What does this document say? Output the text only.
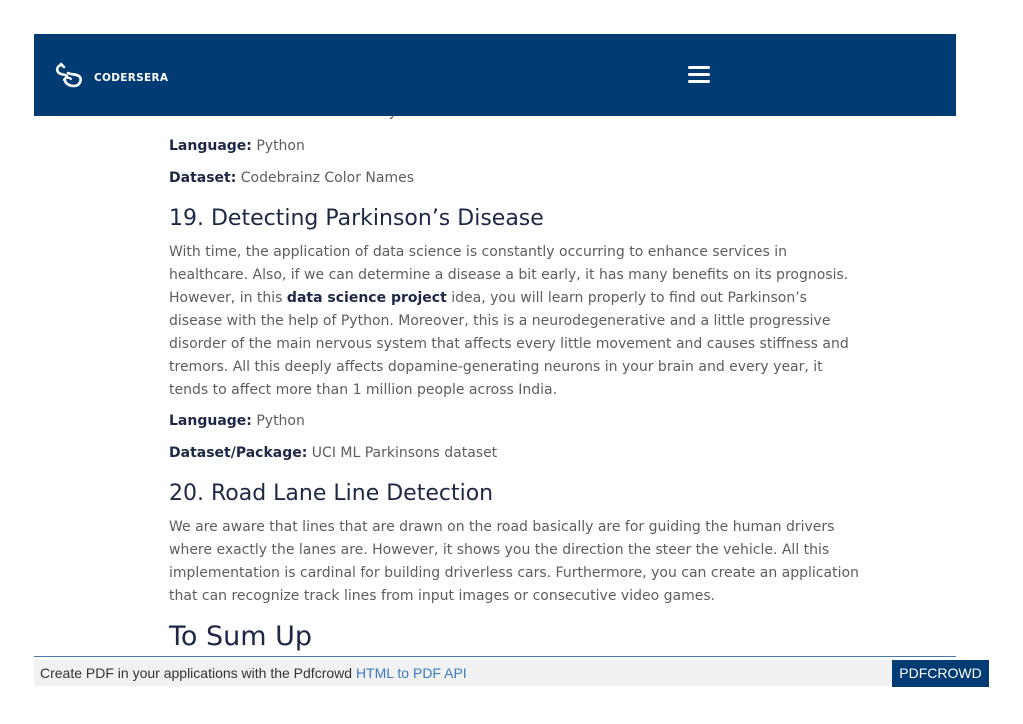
Language: Python
Dataset: Codebrainz Color Names
19. Detecting Parkinson’s Disease

With time, the application of data science is constantly occurring to enhance services in healthcare. Also, if we can determine a disease a bit early, it has many benefits on its prognosis. However, in this data science project idea, you will learn properly to find out Parkinson’s disease with the help of Python. Moreover, this is a neurodegenerative and a little progressive disorder of the main nervous system that affects every little movement and causes stiffness and tremors. All this deeply affects dopamine-generating neurons in your brain and every year, it tends to affect more than 1 million people across India.

Language: Python
Dataset/Package: UCI ML Parkinsons dataset
20. Road Lane Line Detection

We are aware that lines that are drawn on the road basically are for guiding the human drivers where exactly the lanes are. However, it shows you the direction the steer the vehicle. All this implementation is cardinal for building driverless cars. Furthermore, you can create an application that can recognize track lines from input images or consecutive video games.

To Sum Up
CODERSERA
Create PDF in your applications with the Pdfcrowd HTML to PDF API	PDFCROWD
